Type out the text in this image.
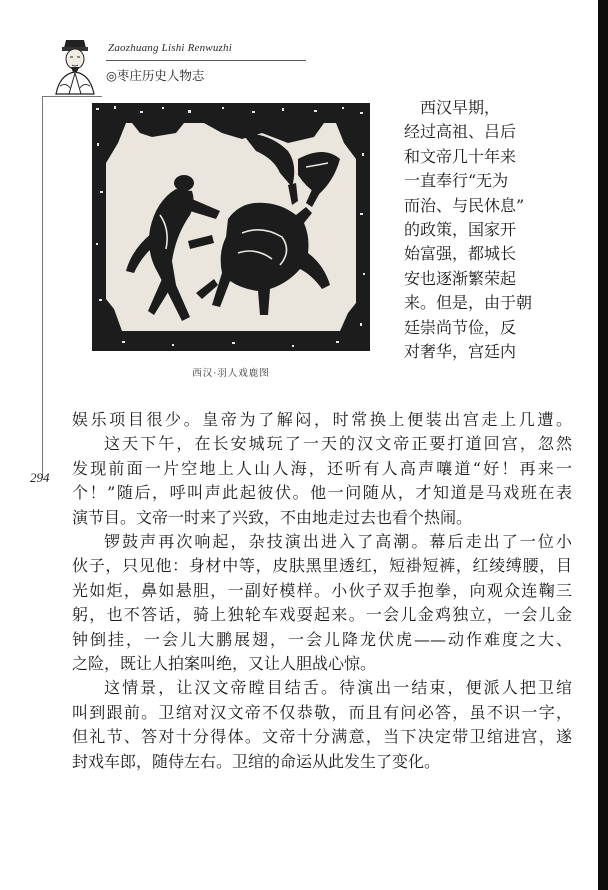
Zaozhuang Lishi Renwuzhi
◎枣庄历史人物志
西汉·羽人戏鹿图
　西汉早期，
经过高祖、吕后
和文帝几十年来
一直奉行“无为
而治、与民休息”
的政策，国家开
始富强，都城长
安也逐渐繁荣起
来。但是，由于朝
廷崇尚节俭，反
对奢华，宫廷内
294
娱乐项目很少。皇帝为了解闷，时常换上便装出宫走上几遭。
这天下午，在长安城玩了一天的汉文帝正要打道回宫，忽然
发现前面一片空地上人山人海，还听有人高声嚷道“好！再来一
个！”随后，呼叫声此起彼伏。他一问随从，才知道是马戏班在表
演节目。文帝一时来了兴致，不由地走过去也看个热闹。
锣鼓声再次响起，杂技演出进入了高潮。幕后走出了一位小
伙子，只见他：身材中等，皮肤黑里透红，短褂短裤，红绫缚腰，目
光如炬，鼻如悬胆，一副好模样。小伙子双手抱拳，向观众连鞠三
躬，也不答话，骑上独轮车戏耍起来。一会儿金鸡独立，一会儿金
钟倒挂，一会儿大鹏展翅，一会儿降龙伏虎——动作难度之大、
之险，既让人拍案叫绝，又让人胆战心惊。
这情景，让汉文帝瞠目结舌。待演出一结束，便派人把卫绾
叫到跟前。卫绾对汉文帝不仅恭敬，而且有问必答，虽不识一字，
但礼节、答对十分得体。文帝十分满意，当下决定带卫绾进宫，遂
封戏车郎，随侍左右。卫绾的命运从此发生了变化。
